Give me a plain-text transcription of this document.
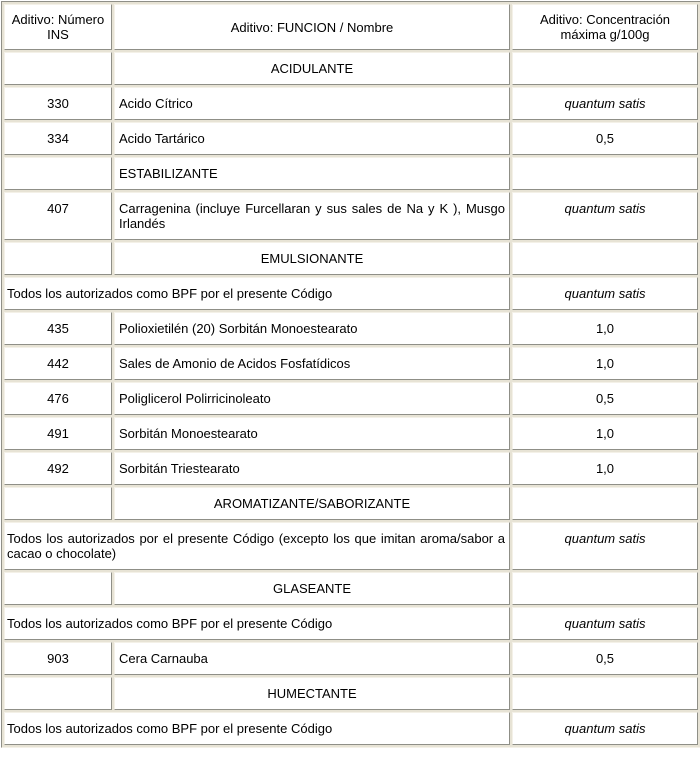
Aditivo: Número INS	Aditivo: FUNCION / Nombre	Aditivo: Concentración máxima g/100g
	ACIDULANTE	
330	Acido Cítrico	quantum satis
334	Acido Tartárico	0,5
	ESTABILIZANTE	
407	Carragenina (incluye Furcellaran y sus sales de Na y K ), Musgo Irlandés	quantum satis
	EMULSIONANTE	
Todos los autorizados como BPF por el presente Código		quantum satis
435	Polioxietilén (20) Sorbitán Monoestearato	1,0
442	Sales de Amonio de Acidos Fosfatídicos	1,0
476	Poliglicerol Polirricinoleato	0,5
491	Sorbitán Monoestearato	1,0
492	Sorbitán Triestearato	1,0
	AROMATIZANTE/SABORIZANTE	
Todos los autorizados por el presente Código (excepto los que imitan aroma/sabor a cacao o chocolate)		quantum satis
	GLASEANTE	
Todos los autorizados como BPF por el presente Código		quantum satis
903	Cera Carnauba	0,5
	HUMECTANTE	
Todos los autorizados como BPF por el presente Código		quantum satis
